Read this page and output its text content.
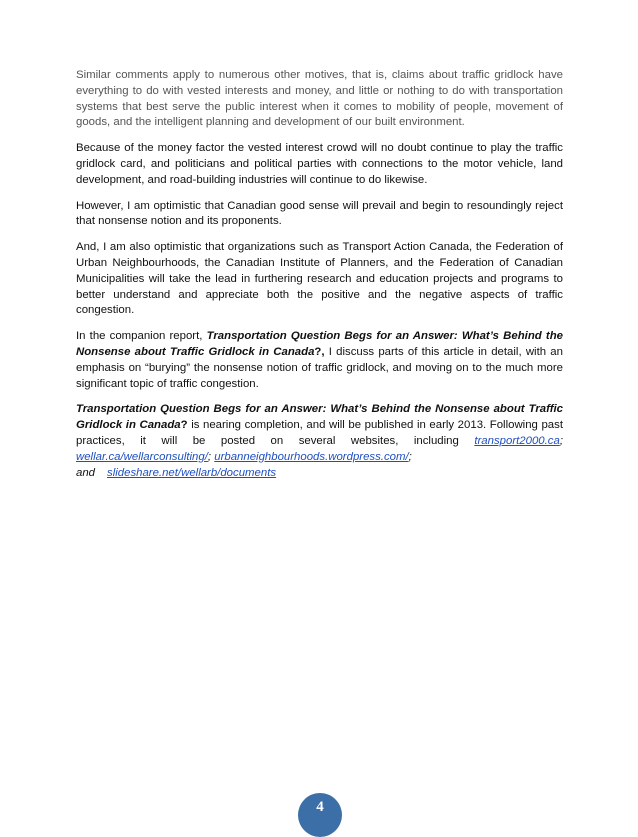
Similar comments apply to numerous other motives, that is, claims about traffic gridlock have everything to do with vested interests and money, and little or nothing to do with transportation systems that best serve the public interest when it comes to mobility of people, movement of goods, and the intelligent planning and development of our built environment.

Because of the money factor the vested interest crowd will no doubt continue to play the traffic gridlock card, and politicians and political parties with connections to the motor vehicle, land development, and road-building industries will continue to do likewise.

However, I am optimistic that Canadian good sense will prevail and begin to resoundingly reject that nonsense notion and its proponents.

And, I am also optimistic that organizations such as Transport Action Canada, the Federation of Urban Neighbourhoods, the Canadian Institute of Planners, and the Federation of Canadian Municipalities will take the lead in furthering research and education projects and programs to better understand and appreciate both the positive and the negative aspects of traffic congestion.

In the companion report, Transportation Question Begs for an Answer: What’s Behind the Nonsense about Traffic Gridlock in Canada?, I discuss parts of this article in detail, with an emphasis on “burying” the nonsense notion of traffic gridlock, and moving on to the much more significant topic of traffic congestion.

Transportation Question Begs for an Answer: What’s Behind the Nonsense about Traffic Gridlock in Canada? is nearing completion, and will be published in early 2013. Following past practices, it will be posted on several websites, including transport2000.ca; wellar.ca/wellarconsulting/; urbanneighbourhoods.wordpress.com/;
and slideshare.net/wellarb/documents

4
